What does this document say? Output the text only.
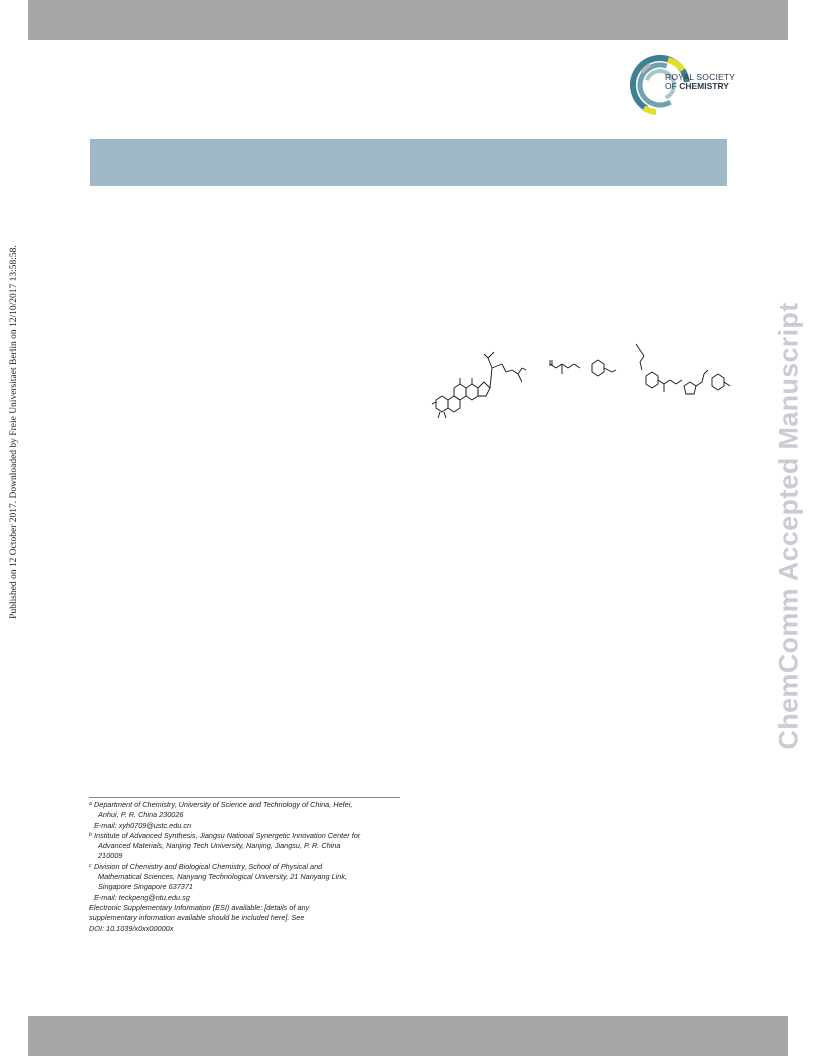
ROYAL SOCIETY
OF CHEMISTRY
Published on 12 October 2017. Downloaded by Freie Universitaet Berlin on 12/10/2017 13:58:58.	ChemComm Accepted Manuscript
a Department of Chemistry, University of Science and Technology of China, Hefei,
Anhui, P. R. China 230026
E-mail: xyh0709@ustc.edu.cn
b Institute of Advanced Synthesis, Jiangsu National Synergetic Innovation Center for
Advanced Materials, Nanjing Tech University, Nanjing, Jiangsu, P. R. China
210009
c Division of Chemistry and Biological Chemistry, School of Physical and
Mathematical Sciences, Nanyang Technological University, 21 Nanyang Link,
Singapore Singapore 637371
E-mail: teckpeng@ntu.edu.sg
Electronic Supplementary Information (ESI) available: [details of any
supplementary information available should be included here]. See
DOI: 10.1039/x0xx00000x
